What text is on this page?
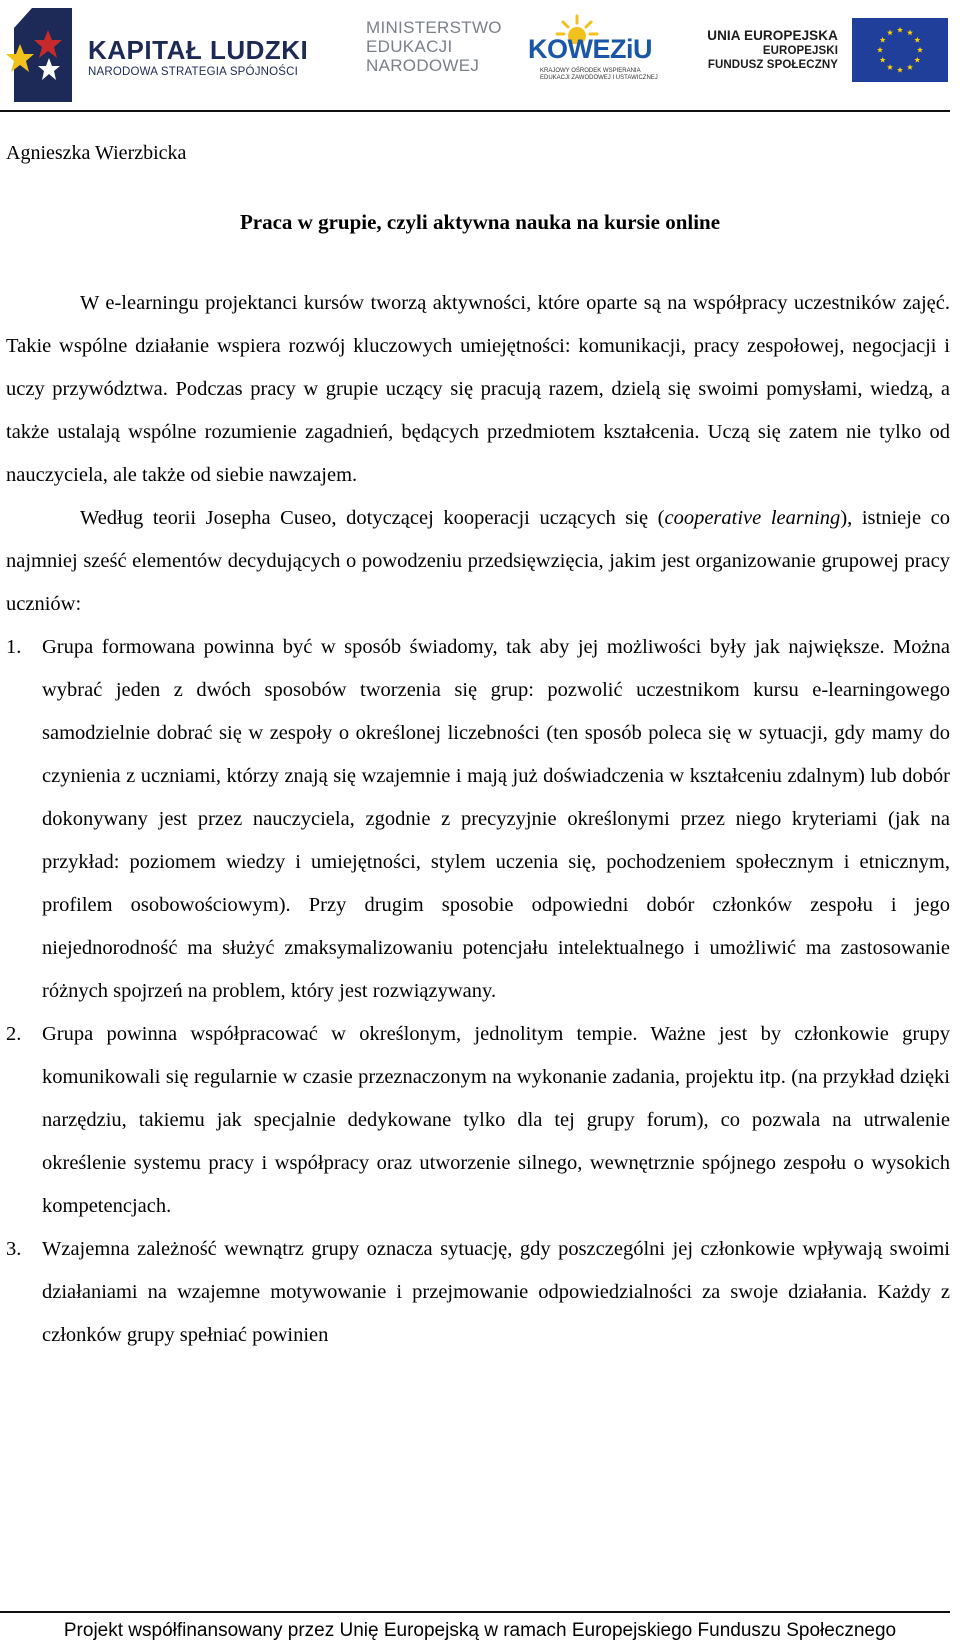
KAPITAŁ LUDZKI
NARODOWA STRATEGIA SPÓJNOŚCI
MINISTERSTWO
EDUKACJI
NARODOWEJ
KOWEZiU
KRAJOWY OŚRODEK WSPIERANIA
EDUKACJI ZAWODOWEJ I USTAWICZNEJ
UNIA EUROPEJSKA
EUROPEJSKI
FUNDUSZ SPOŁECZNY
Agnieszka Wierzbicka
Praca w grupie, czyli aktywna nauka na kursie online

W e-learningu projektanci kursów tworzą aktywności, które oparte są na współpracy uczestników zajęć. Takie wspólne działanie wspiera rozwój kluczowych umiejętności: komunikacji, pracy zespołowej, negocjacji i uczy przywództwa. Podczas pracy w grupie uczący się pracują razem, dzielą się swoimi pomysłami, wiedzą, a także ustalają wspólne rozumienie zagadnień, będących przedmiotem kształcenia. Uczą się zatem nie tylko od nauczyciela, ale także od siebie nawzajem.

Według teorii Josepha Cuseo, dotyczącej kooperacji uczących się (cooperative learning), istnieje co najmniej sześć elementów decydujących o powodzeniu przedsięwzięcia, jakim jest organizowanie grupowej pracy uczniów:

1. Grupa formowana powinna być w sposób świadomy, tak aby jej możliwości były jak największe. Można wybrać jeden z dwóch sposobów tworzenia się grup: pozwolić uczestnikom kursu e-learningowego samodzielnie dobrać się w zespoły o określonej liczebności (ten sposób poleca się w sytuacji, gdy mamy do czynienia z uczniami, którzy znają się wzajemnie i mają już doświadczenia w kształceniu zdalnym) lub dobór dokonywany jest przez nauczyciela, zgodnie z precyzyjnie określonymi przez niego kryteriami (jak na przykład: poziomem wiedzy i umiejętności, stylem uczenia się, pochodzeniem społecznym i etnicznym, profilem osobowościowym). Przy drugim sposobie odpowiedni dobór członków zespołu i jego niejednorodność ma służyć zmaksymalizowaniu potencjału intelektualnego i umożliwić ma zastosowanie różnych spojrzeń na problem, który jest rozwiązywany.
2. Grupa powinna współpracować w określonym, jednolitym tempie. Ważne jest by członkowie grupy komunikowali się regularnie w czasie przeznaczonym na wykonanie zadania, projektu itp. (na przykład dzięki narzędziu, takiemu jak specjalnie dedykowane tylko dla tej grupy forum), co pozwala na utrwalenie określenie systemu pracy i współpracy oraz utworzenie silnego, wewnętrznie spójnego zespołu o wysokich kompetencjach.
3. Wzajemna zależność wewnątrz grupy oznacza sytuację, gdy poszczególni jej członkowie wpływają swoimi działaniami na wzajemne motywowanie i przejmowanie odpowiedzialności za swoje działania. Każdy z członków grupy spełniać powinien
Projekt współfinansowany przez Unię Europejską w ramach Europejskiego Funduszu Społecznego
